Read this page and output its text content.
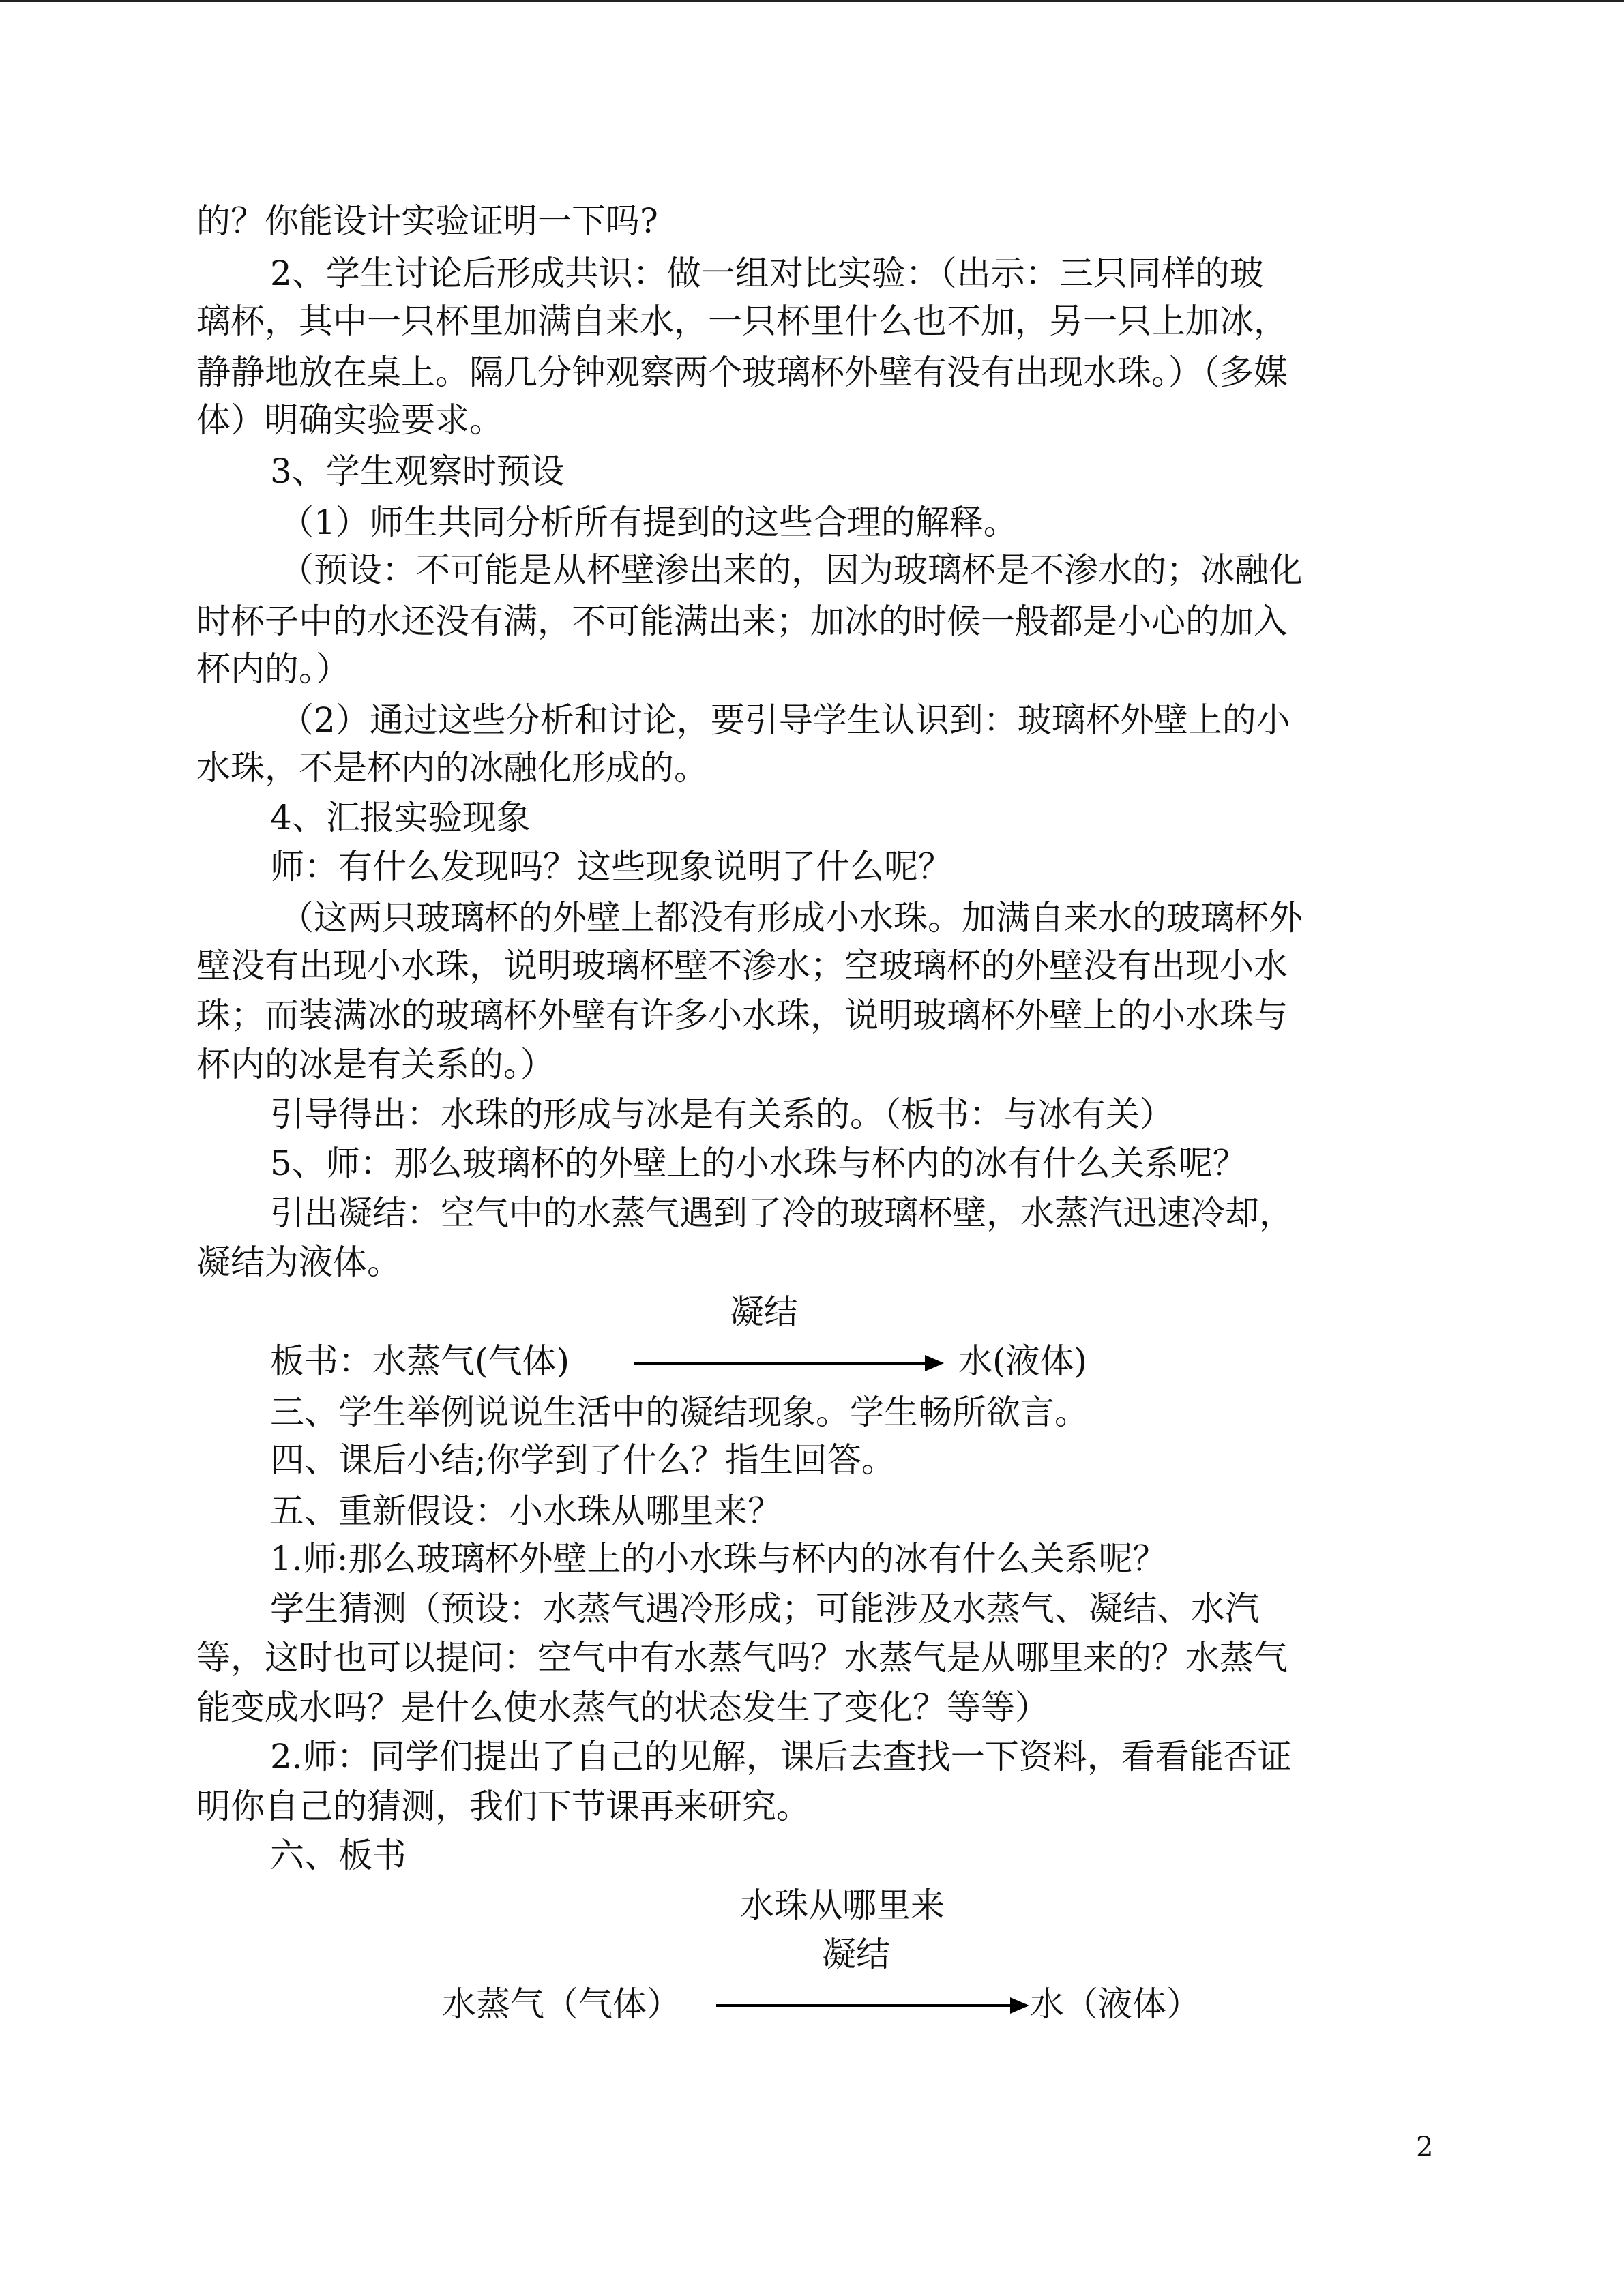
的？你能设计实验证明一下吗?
2、学生讨论后形成共识：做一组对比实验：（出示：三只同样的玻
璃杯，其中一只杯里加满自来水，一只杯里什么也不加，另一只上加冰，
静静地放在桌上。隔几分钟观察两个玻璃杯外壁有没有出现水珠。）（多媒
体）明确实验要求。
3、学生观察时预设
（1）师生共同分析所有提到的这些合理的解释。
（预设：不可能是从杯壁渗出来的，因为玻璃杯是不渗水的；冰融化
时杯子中的水还没有满，不可能满出来；加冰的时候一般都是小心的加入
杯内的。）
（2）通过这些分析和讨论，要引导学生认识到：玻璃杯外壁上的小
水珠，不是杯内的冰融化形成的。
4、汇报实验现象
师：有什么发现吗？这些现象说明了什么呢？
（这两只玻璃杯的外壁上都没有形成小水珠。加满自来水的玻璃杯外
壁没有出现小水珠，说明玻璃杯壁不渗水；空玻璃杯的外壁没有出现小水
珠；而装满冰的玻璃杯外壁有许多小水珠，说明玻璃杯外壁上的小水珠与
杯内的冰是有关系的。）
引导得出：水珠的形成与冰是有关系的。（板书：与冰有关）
5、师：那么玻璃杯的外壁上的小水珠与杯内的冰有什么关系呢？
引出凝结：空气中的水蒸气遇到了冷的玻璃杯壁，水蒸汽迅速冷却，
凝结为液体。
凝结
板书：水蒸气(气体)	水(液体)
三、学生举例说说生活中的凝结现象。学生畅所欲言。
四、课后小结;你学到了什么？指生回答。
五、重新假设：小水珠从哪里来？
1.师:那么玻璃杯外壁上的小水珠与杯内的冰有什么关系呢？
学生猜测（预设：水蒸气遇冷形成；可能涉及水蒸气、凝结、水汽
等，这时也可以提问：空气中有水蒸气吗？水蒸气是从哪里来的？水蒸气
能变成水吗？是什么使水蒸气的状态发生了变化？等等）
2.师：同学们提出了自己的见解，课后去查找一下资料，看看能否证
明你自己的猜测，我们下节课再来研究。
六、板书
水珠从哪里来
凝结
水蒸气（气体）	水（液体）
2
